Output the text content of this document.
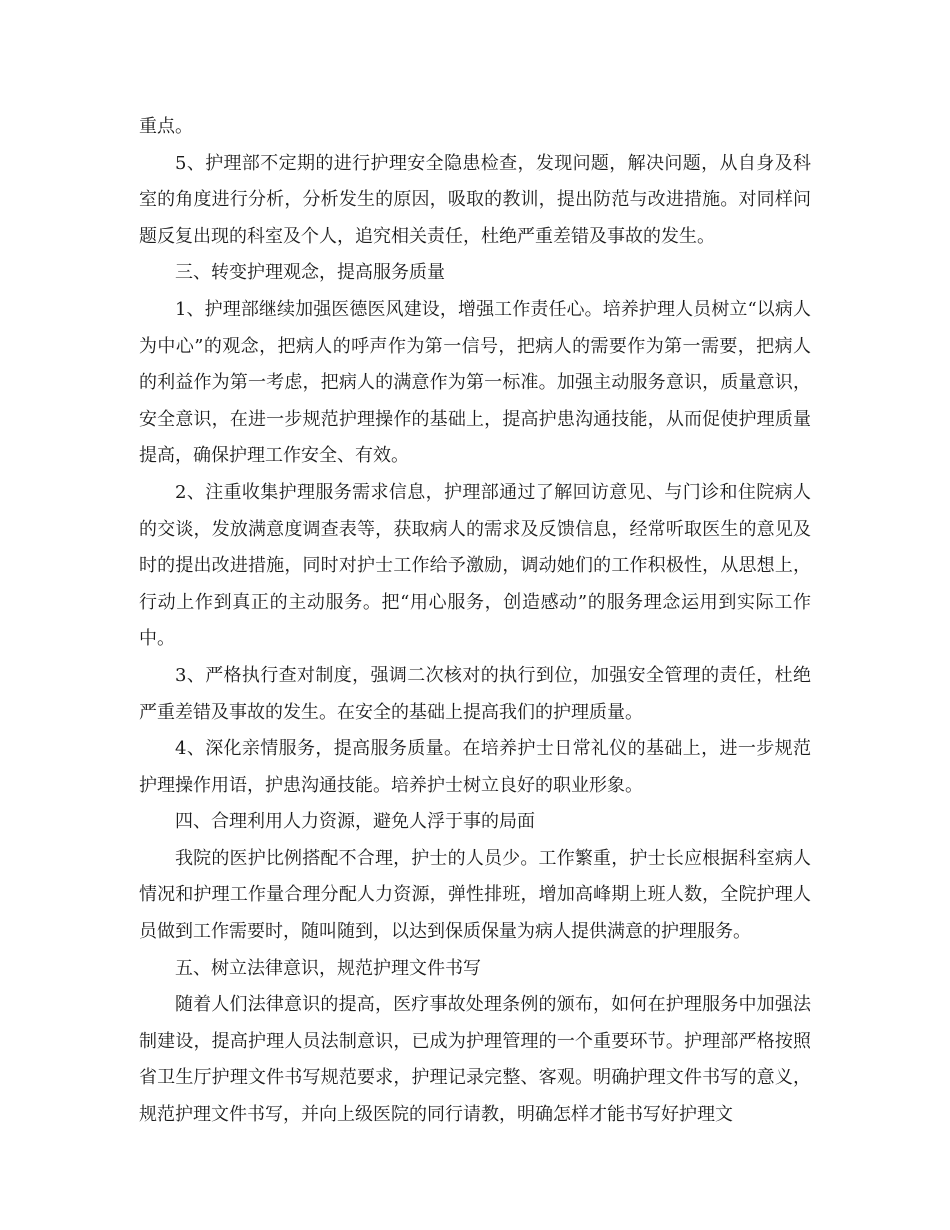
重点。

5、护理部不定期的进行护理安全隐患检查，发现问题，解决问题，从自身及科室的角度进行分析，分析发生的原因，吸取的教训，提出防范与改进措施。对同样问题反复出现的科室及个人，追究相关责任，杜绝严重差错及事故的发生。

三、转变护理观念，提高服务质量

1、护理部继续加强医德医风建设，增强工作责任心。培养护理人员树立“以病人为中心”的观念，把病人的呼声作为第一信号，把病人的需要作为第一需要，把病人的利益作为第一考虑，把病人的满意作为第一标准。加强主动服务意识，质量意识，安全意识，在进一步规范护理操作的基础上，提高护患沟通技能，从而促使护理质量提高，确保护理工作安全、有效。

2、注重收集护理服务需求信息，护理部通过了解回访意见、与门诊和住院病人的交谈，发放满意度调查表等，获取病人的需求及反馈信息，经常听取医生的意见及时的提出改进措施，同时对护士工作给予激励，调动她们的工作积极性，从思想上，行动上作到真正的主动服务。把“用心服务，创造感动”的服务理念运用到实际工作中。

3、严格执行查对制度，强调二次核对的执行到位，加强安全管理的责任，杜绝严重差错及事故的发生。在安全的基础上提高我们的护理质量。

4、深化亲情服务，提高服务质量。在培养护士日常礼仪的基础上，进一步规范护理操作用语，护患沟通技能。培养护士树立良好的职业形象。

四、合理利用人力资源，避免人浮于事的局面

我院的医护比例搭配不合理，护士的人员少。工作繁重，护士长应根据科室病人情况和护理工作量合理分配人力资源，弹性排班，增加高峰期上班人数，全院护理人员做到工作需要时，随叫随到，以达到保质保量为病人提供满意的护理服务。

五、树立法律意识，规范护理文件书写

随着人们法律意识的提高，医疗事故处理条例的颁布，如何在护理服务中加强法制建设，提高护理人员法制意识，已成为护理管理的一个重要环节。护理部严格按照省卫生厅护理文件书写规范要求，护理记录完整、客观。明确护理文件书写的意义，规范护理文件书写，并向上级医院的同行请教，明确怎样才能书写好护理文
